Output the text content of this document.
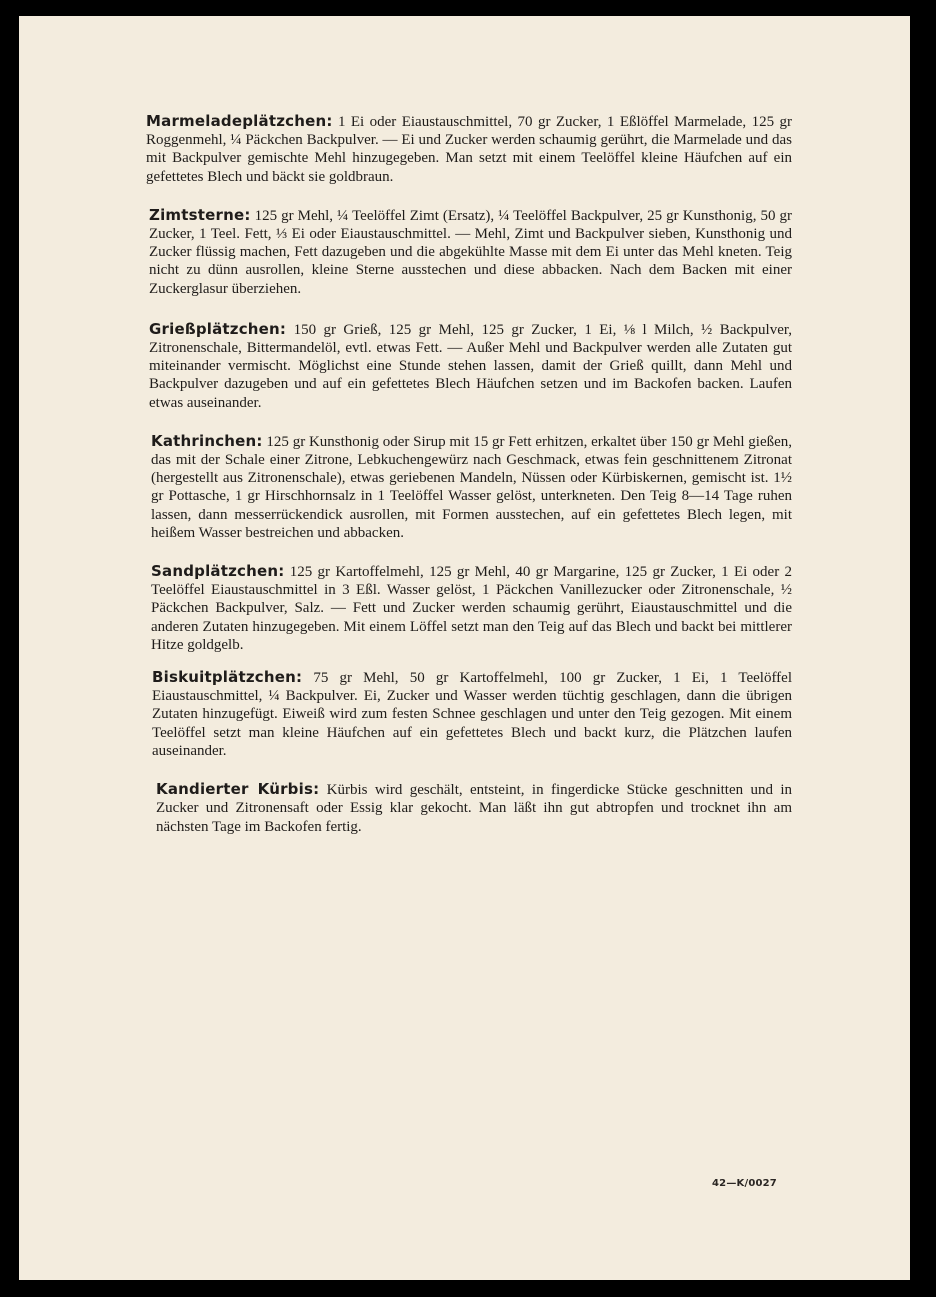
Marmeladeplätzchen: 1 Ei oder Eiaustauschmittel, 70 gr Zucker, 1 Eßlöffel Marmelade, 125 gr Roggenmehl, ¼ Päckchen Backpulver. — Ei und Zucker werden schaumig gerührt, die Marmelade und das mit Backpulver gemischte Mehl hinzugegeben. Man setzt mit einem Teelöffel kleine Häufchen auf ein gefettetes Blech und bäckt sie goldbraun.

Zimtsterne: 125 gr Mehl, ¼ Teelöffel Zimt (Ersatz), ¼ Teelöffel Backpulver, 25 gr Kunsthonig, 50 gr Zucker, 1 Teel. Fett, ⅓ Ei oder Eiaustauschmittel. — Mehl, Zimt und Backpulver sieben, Kunsthonig und Zucker flüssig machen, Fett dazugeben und die abgekühlte Masse mit dem Ei unter das Mehl kneten. Teig nicht zu dünn ausrollen, kleine Sterne ausstechen und diese abbacken. Nach dem Backen mit einer Zuckerglasur überziehen.

Grießplätzchen: 150 gr Grieß, 125 gr Mehl, 125 gr Zucker, 1 Ei, ⅛ l Milch, ½ Backpulver, Zitronenschale, Bittermandelöl, evtl. etwas Fett. — Außer Mehl und Backpulver werden alle Zutaten gut miteinander vermischt. Möglichst eine Stunde stehen lassen, damit der Grieß quillt, dann Mehl und Backpulver dazugeben und auf ein gefettetes Blech Häufchen setzen und im Backofen backen. Laufen etwas auseinander.

Kathrinchen: 125 gr Kunsthonig oder Sirup mit 15 gr Fett erhitzen, erkaltet über 150 gr Mehl gießen, das mit der Schale einer Zitrone, Lebkuchengewürz nach Geschmack, etwas fein geschnittenem Zitronat (hergestellt aus Zitronenschale), etwas geriebenen Mandeln, Nüssen oder Kürbiskernen, gemischt ist. 1½ gr Pottasche, 1 gr Hirschhornsalz in 1 Teelöffel Wasser gelöst, unterkneten. Den Teig 8—14 Tage ruhen lassen, dann messerrückendick ausrollen, mit Formen ausstechen, auf ein gefettetes Blech legen, mit heißem Wasser bestreichen und abbacken.

Sandplätzchen: 125 gr Kartoffelmehl, 125 gr Mehl, 40 gr Margarine, 125 gr Zucker, 1 Ei oder 2 Teelöffel Eiaustauschmittel in 3 Eßl. Wasser gelöst, 1 Päckchen Vanillezucker oder Zitronenschale, ½ Päckchen Backpulver, Salz. — Fett und Zucker werden schaumig gerührt, Eiaustauschmittel und die anderen Zutaten hinzugegeben. Mit einem Löffel setzt man den Teig auf das Blech und backt bei mittlerer Hitze goldgelb.

Biskuitplätzchen: 75 gr Mehl, 50 gr Kartoffelmehl, 100 gr Zucker, 1 Ei, 1 Teelöffel Eiaustauschmittel, ¼ Backpulver. Ei, Zucker und Wasser werden tüchtig geschlagen, dann die übrigen Zutaten hinzugefügt. Eiweiß wird zum festen Schnee geschlagen und unter den Teig gezogen. Mit einem Teelöffel setzt man kleine Häufchen auf ein gefettetes Blech und backt kurz, die Plätzchen laufen auseinander.

Kandierter Kürbis: Kürbis wird geschält, entsteint, in fingerdicke Stücke geschnitten und in Zucker und Zitronensaft oder Essig klar gekocht. Man läßt ihn gut abtropfen und trocknet ihn am nächsten Tage im Backofen fertig.

42—K/0027
